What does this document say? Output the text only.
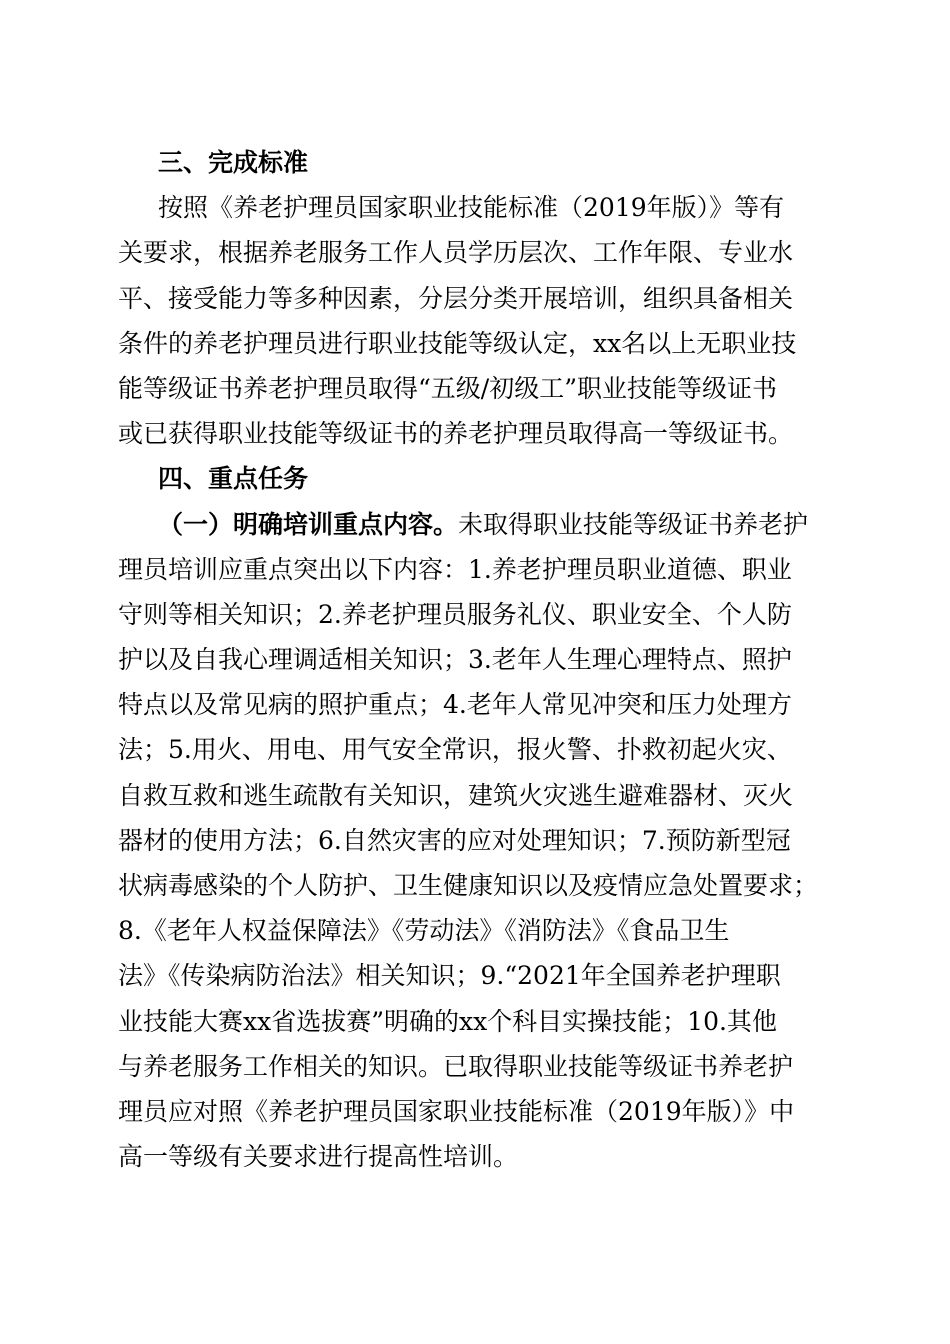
三、完成标准
按照《养老护理员国家职业技能标准（2019年版）》等有
关要求，根据养老服务工作人员学历层次、工作年限、专业水
平、接受能力等多种因素，分层分类开展培训，组织具备相关
条件的养老护理员进行职业技能等级认定，xx名以上无职业技
能等级证书养老护理员取得“五级/初级工”职业技能等级证书
或已获得职业技能等级证书的养老护理员取得高一等级证书。
四、重点任务
（一）明确培训重点内容。未取得职业技能等级证书养老护
理员培训应重点突出以下内容：1.养老护理员职业道德、职业
守则等相关知识；2.养老护理员服务礼仪、职业安全、个人防
护以及自我心理调适相关知识；3.老年人生理心理特点、照护
特点以及常见病的照护重点；4.老年人常见冲突和压力处理方
法；5.用火、用电、用气安全常识，报火警、扑救初起火灾、
自救互救和逃生疏散有关知识，建筑火灾逃生避难器材、灭火
器材的使用方法；6.自然灾害的应对处理知识；7.预防新型冠
状病毒感染的个人防护、卫生健康知识以及疫情应急处置要求；
8.《老年人权益保障法》《劳动法》《消防法》《食品卫生
法》《传染病防治法》相关知识；9.“2021年全国养老护理职
业技能大赛xx省选拔赛”明确的xx个科目实操技能；10.其他
与养老服务工作相关的知识。已取得职业技能等级证书养老护
理员应对照《养老护理员国家职业技能标准（2019年版）》中
高一等级有关要求进行提高性培训。
